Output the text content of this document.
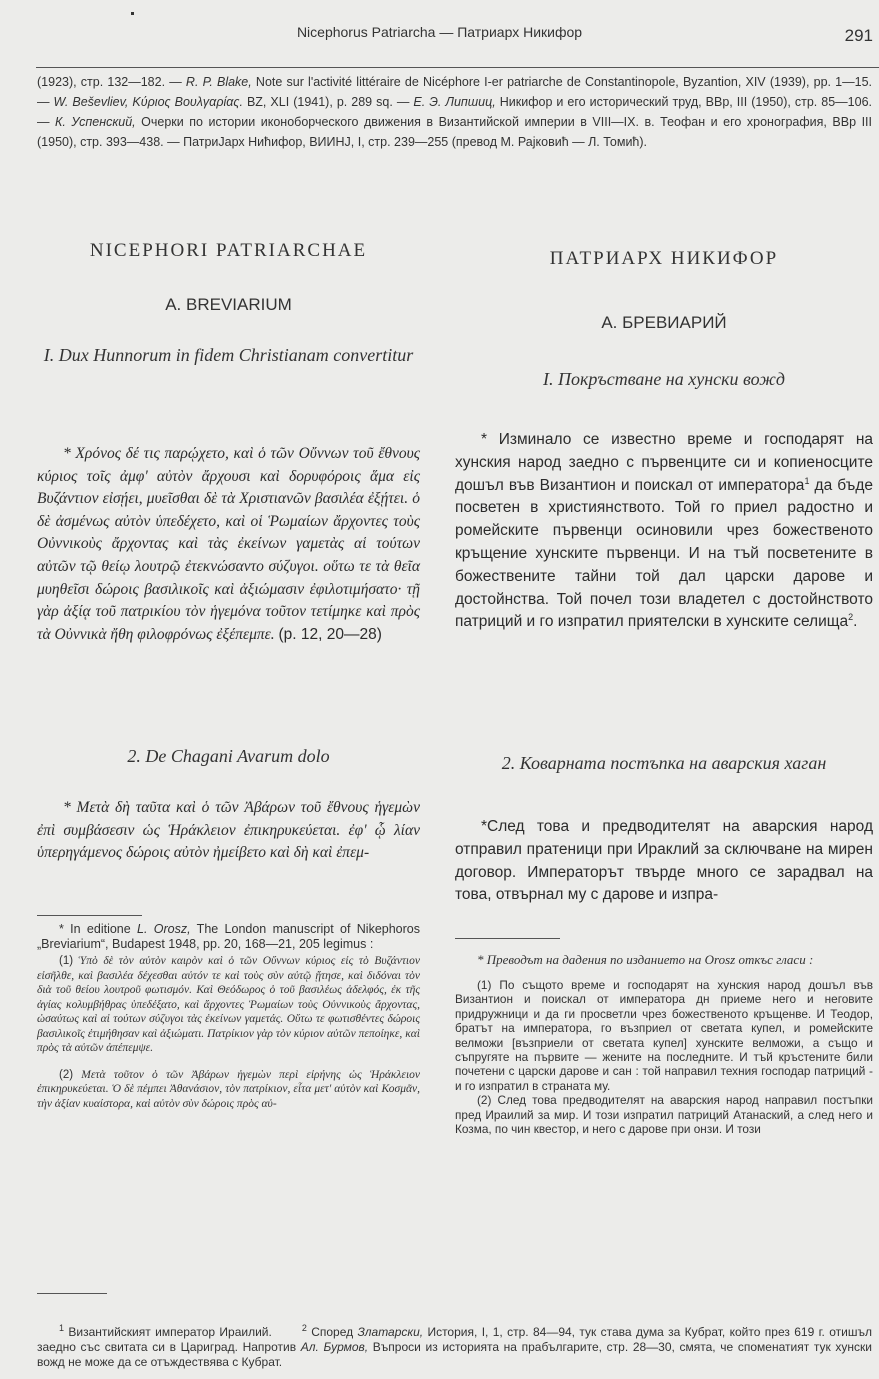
Nicephorus Patriarcha — Патриарх Никифор	291
(1923), стр. 132—182. — R. P. Blake, Note sur l'activité littéraire de Nicéphore I-er patriarche de Constantinopole, Byzantion, XIV (1939), pp. 1—15. — W. Beševliev, Κύριος Βουλγαρίας. BZ, XLI (1941), p. 289 sq. — Е. Э. Липшиц, Никифор и его исторический труд, ВВр, III (1950), стр. 85—106. — К. Успенский, Очерки по истории иконоборческого движения в Византийской империи в VIII—IX. в. Теофан и его хронография, ВВр III (1950), стр. 393—438. — ПатриJарх Нићифор, ВИИНЈ, I, стр. 239—255 (превод М. Рајковић — Л. Томић).
NICEPHORI PATRIARCHAE
A. BREVIARIUM
I. Dux Hunnorum in fidem Christianam convertitur
* Χρόνος δέ τις παρῴχετο, καὶ ὁ τῶν Οὔννων τοῦ ἔθνους κύριος τοῖς ἀμφ' αὐτὸν ἄρχουσι καὶ δορυφόροις ἅμα εἰς Βυζάντιον εἰσῄει, μυεῖσθαι δὲ τὰ Χριστιανῶν βασιλέα ἐξῄτει. ὁ δὲ ἀσμένως αὐτὸν ὑπεδέχετο, καὶ οἱ Ῥωμαίων ἄρχοντες τοὺς Οὐννικοὺς ἄρχοντας καὶ τὰς ἐκείνων γαμετὰς αἱ τούτων αὐτῶν τῷ θείῳ λουτρῷ ἐτεκνώσαντο σύζυγοι. οὕτω τε τὰ θεῖα μυηθεῖσι δώροις βασιλικοῖς καὶ ἀξιώμασιν ἐφιλοτιμήσατο· τῇ γὰρ ἀξίᾳ τοῦ πατρικίου τὸν ἡγεμόνα τοῦτον τετίμηκε καὶ πρὸς τὰ Οὐννικὰ ἤθη φιλοφρόνως ἐξέπεμπε. (p. 12, 20—28)
2. De Chagani Avarum dolo
* Μετὰ δὴ ταῦτα καὶ ὁ τῶν Ἀβάρων τοῦ ἔθνους ἡγεμὼν ἐπὶ συμβάσεσιν ὡς Ἡράκλειον ἐπικηρυκεύεται. ἐφ' ᾧ λίαν ὑπερηγάμενος δώροις αὐτὸν ἠμείβετο καὶ δὴ καὶ ἐπεμ-
* In editione L. Orosz, The London manuscript of Nikephoros „Breviarium“, Budapest 1948, pp. 20, 168—21, 205 legimus :
(1) Ὑπὸ δὲ τὸν αὐτὸν καιρὸν καὶ ὁ τῶν Οὔννων κύριος εἰς τὸ Βυζάντιον εἰσῆλθε, καὶ βασιλέα δέχεσθαι αὐτόν τε καὶ τοὺς σὺν αὐτῷ ᾔτησε, καὶ διδόναι τὸν διὰ τοῦ θείου λουτροῦ φωτισμόν. Καὶ Θεόδωρος ὁ τοῦ βασιλέως ἀδελφός, ἐκ τῆς ἁγίας κολυμβήθρας ὑπεδέξατο, καὶ ἄρχοντες Ῥωμαίων τοὺς Οὐννικοὺς ἄρχοντας, ὡσαύτως καὶ αἱ τούτων σύζυγοι τὰς ἐκείνων γαμετάς. Οὕτω τε φωτισθέντες δώροις βασιλικοῖς ἐτιμήθησαν καὶ ἀξιώματι. Πατρίκιον γὰρ τὸν κύριον αὐτῶν πεποίηκε, καὶ πρὸς τὰ αὐτῶν ἀπέπεμψε.
(2) Μετὰ τοῦτον ὁ τῶν Ἀβάρων ἡγεμὼν περὶ εἰρήνης ὡς Ἡράκλειον ἐπικηρυκεύεται. Ὁ δὲ πέμπει Ἀθανάσιον, τὸν πατρίκιον, εἶτα μετ' αὐτὸν καὶ Κοσμᾶν, τὴν ἀξίαν κυαίστορα, καὶ αὐτὸν σὺν δώροις πρὸς αὐ-
ПАТРИАРХ НИКИФОР
А. БРЕВИАРИЙ
I. Покръстване на хунски вожд
* Изминало се известно време и господарят на хунския народ заедно с първенците си и копиеносците дошъл във Византион и поискал от императора$^1$ да бъде посветен в християнството. Той го приел радостно и ромейските първенци осиновили чрез божественото кръщение хунските първенци. И на тъй посветените в божествените тайни той дал царски дарове и достойнства. Той почел този владетел с достойнството патриций и го изпратил приятелски в хунските селища$^2$.
2. Коварната постъпка на аварския хаган
*След това и предводителят на аварския народ отправил пратеници при Ираклий за сключване на мирен договор. Императорът твърде много се зарадвал на това, отвърнал му с дарове и изпра-
* Преводът на дадения по изданието на Orosz откъс гласи :
(1) По същото време и господарят на хунския народ дошъл във Византион и поискал от императора дн приеме него и неговите придружници и да ги просветли чрез божественото кръщенве. И Теодор, братът на императора, го възприел от светата купел, и ромейските велможи [възприели от светата купел] хунските велможи, а също и съпругяте на първите — жените на последните. И тъй кръстените били почетени с царски дарове и сан : той направил техния господар патриций - и го изпратил в страната му.
(2) След това предводителят на аварския народ направил постъпки пред Ираилий за мир. И този изпратил патриций Атанаский, а след него и Козма, по чин квестор, и него с дарове при онзи. И този
$^1$ Византийският император Ираилий.	$^2$ Според Златарски, История, I, 1, стр. 84—94, тук става дума за Кубрат, който през 619 г. отишъл заедно със свитата си в Цариград. Напротив Ал. Бурмов, Въпроси из историята на прабългарите, стр. 28—30, смята, че споменатият тук хунски вожд не може да се отъждествява с Кубрат.
